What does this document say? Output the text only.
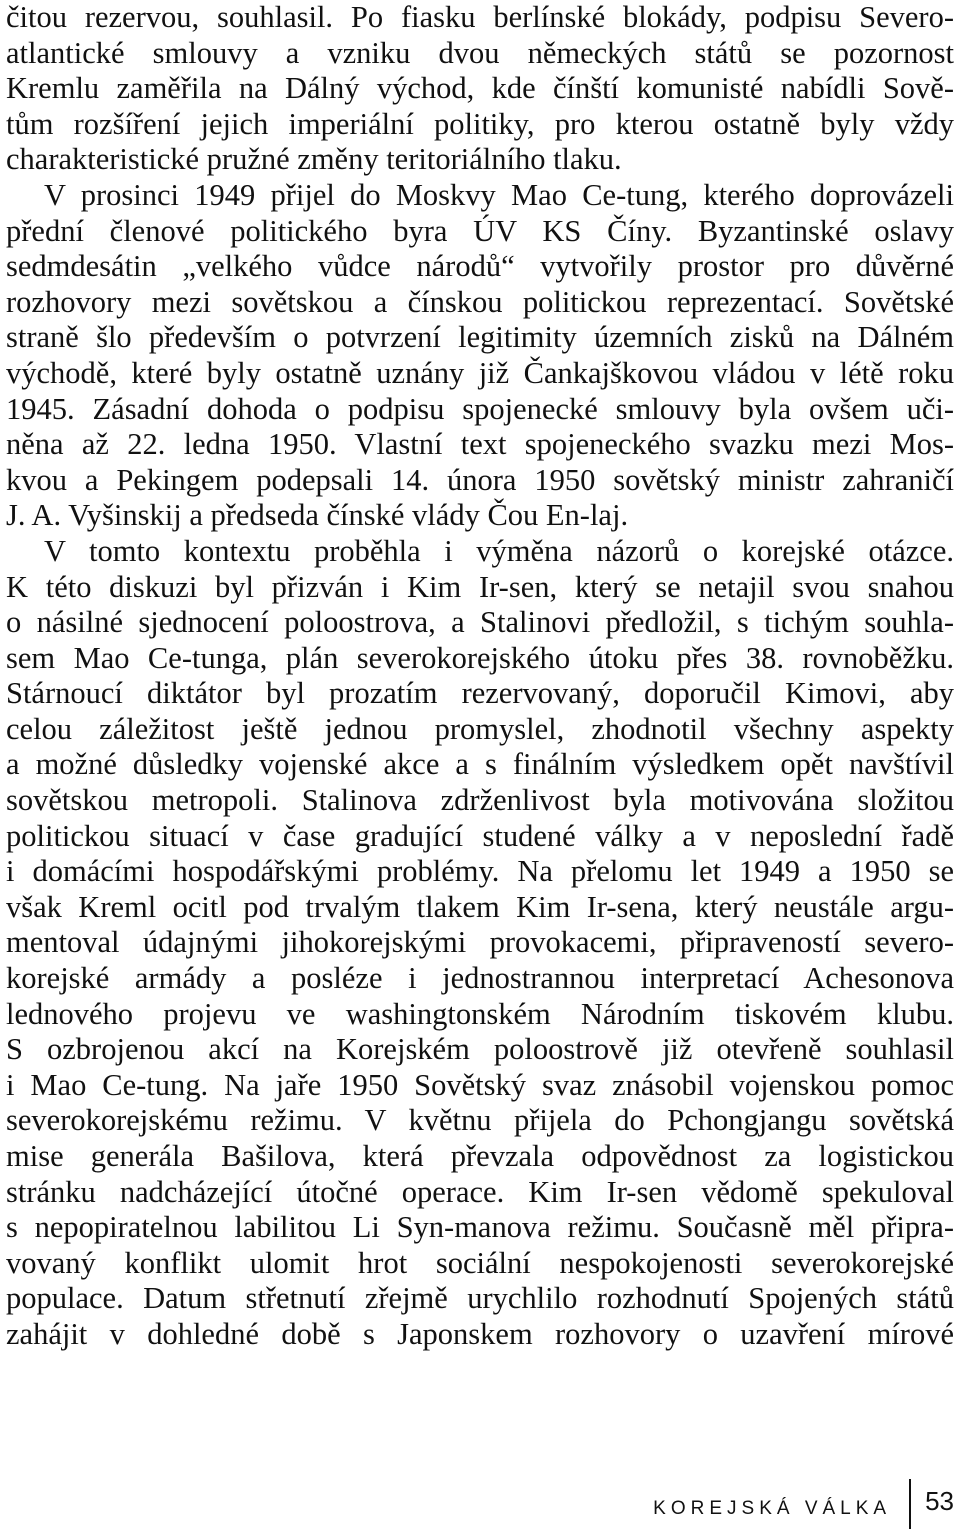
čitou rezervou, souhlasil. Po fiasku berlínské blokády, podpisu Severo-
atlantické smlouvy a vzniku dvou německých států se pozornost
Kremlu zaměřila na Dálný východ, kde čínští komunisté nabídli Sově-
tům rozšíření jejich imperiální politiky, pro kterou ostatně byly vždy
charakteristické pružné změny teritoriálního tlaku.
V prosinci 1949 přijel do Moskvy Mao Ce-tung, kterého doprovázeli
přední členové politického byra ÚV KS Číny. Byzantinské oslavy
sedmdesátin „velkého vůdce národů“ vytvořily prostor pro důvěrné
rozhovory mezi sovětskou a čínskou politickou reprezentací. Sovětské
straně šlo především o potvrzení legitimity územních zisků na Dálném
východě, které byly ostatně uznány již Čankajškovou vládou v létě roku
1945. Zásadní dohoda o podpisu spojenecké smlouvy byla ovšem uči-
něna až 22. ledna 1950. Vlastní text spojeneckého svazku mezi Mos-
kvou a Pekingem podepsali 14. února 1950 sovětský ministr zahraničí
J. A. Vyšinskij a předseda čínské vlády Čou En-laj.
V tomto kontextu proběhla i výměna názorů o korejské otázce.
K této diskuzi byl přizván i Kim Ir-sen, který se netajil svou snahou
o násilné sjednocení poloostrova, a Stalinovi předložil, s tichým souhla-
sem Mao Ce-tunga, plán severokorejského útoku přes 38. rovnoběžku.
Stárnoucí diktátor byl prozatím rezervovaný, doporučil Kimovi, aby
celou záležitost ještě jednou promyslel, zhodnotil všechny aspekty
a možné důsledky vojenské akce a s finálním výsledkem opět navštívil
sovětskou metropoli. Stalinova zdrženlivost byla motivována složitou
politickou situací v čase gradující studené války a v neposlední řadě
i domácími hospodářskými problémy. Na přelomu let 1949 a 1950 se
však Kreml ocitl pod trvalým tlakem Kim Ir-sena, který neustále argu-
mentoval údajnými jihokorejskými provokacemi, připraveností severo-
korejské armády a posléze i jednostrannou interpretací Achesonova
lednového projevu ve washingtonském Národním tiskovém klubu.
S ozbrojenou akcí na Korejském poloostrově již otevřeně souhlasil
i Mao Ce-tung. Na jaře 1950 Sovětský svaz znásobil vojenskou pomoc
severokorejskému režimu. V květnu přijela do Pchongjangu sovětská
mise generála Bašilova, která převzala odpovědnost za logistickou
stránku nadcházející útočné operace. Kim Ir-sen vědomě spekuloval
s nepopiratelnou labilitou Li Syn-manova režimu. Současně měl připra-
vovaný konflikt ulomit hrot sociální nespokojenosti severokorejské
populace. Datum střetnutí zřejmě urychlilo rozhodnutí Spojených států
zahájit v dohledné době s Japonskem rozhovory o uzavření mírové
KOREJSKÁ VÁLKA 53
